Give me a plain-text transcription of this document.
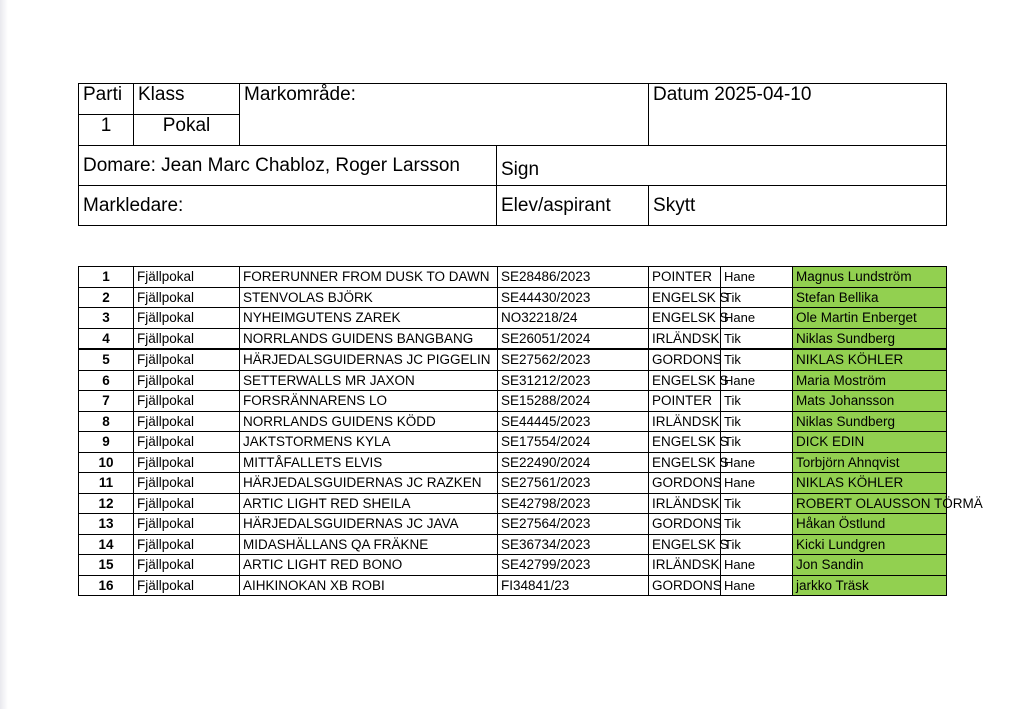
Parti	Klass	Markområde:		Datum 2025-04-10
1	Pokal			
Domare: Jean Marc Chabloz, Roger Larsson			Sign	
Markledare:			Elev/aspirant	Skytt
1	Fjällpokal	FORERUNNER FROM DUSK TO DAWN	SE28486/2023	POINTER	Hane	Magnus Lundström
2	Fjällpokal	STENVOLAS BJÖRK	SE44430/2023	ENGELSK S	Tik	Stefan Bellika
3	Fjällpokal	NYHEIMGUTENS ZAREK	NO32218/24	ENGELSK S	Hane	Ole Martin Enberget
4	Fjällpokal	NORRLANDS GUIDENS BANGBANG	SE26051/2024	IRLÄNDSK	Tik	Niklas Sundberg
5	Fjällpokal	HÄRJEDALSGUIDERNAS JC PIGGELIN	SE27562/2023	GORDONS	Tik	NIKLAS KÖHLER
6	Fjällpokal	SETTERWALLS MR JAXON	SE31212/2023	ENGELSK S	Hane	Maria Moström
7	Fjällpokal	FORSRÄNNARENS LO	SE15288/2024	POINTER	Tik	Mats Johansson
8	Fjällpokal	NORRLANDS GUIDENS KÖDD	SE44445/2023	IRLÄNDSK	Tik	Niklas Sundberg
9	Fjällpokal	JAKTSTORMENS KYLA	SE17554/2024	ENGELSK S	Tik	DICK EDIN
10	Fjällpokal	MITTÅFALLETS ELVIS	SE22490/2024	ENGELSK S	Hane	Torbjörn Ahnqvist
11	Fjällpokal	HÄRJEDALSGUIDERNAS JC RAZKEN	SE27561/2023	GORDONS	Hane	NIKLAS KÖHLER
12	Fjällpokal	ARTIC LIGHT RED SHEILA	SE42798/2023	IRLÄNDSK	Tik	ROBERT OLAUSSON TÖRMÄ
13	Fjällpokal	HÄRJEDALSGUIDERNAS JC JAVA	SE27564/2023	GORDONS	Tik	Håkan Östlund
14	Fjällpokal	MIDASHÄLLANS QA FRÄKNE	SE36734/2023	ENGELSK S	Tik	Kicki Lundgren
15	Fjällpokal	ARTIC LIGHT RED BONO	SE42799/2023	IRLÄNDSK	Hane	Jon Sandin
16	Fjällpokal	AIHKINOKAN XB ROBI	FI34841/23	GORDONS	Hane	jarkko Träsk
